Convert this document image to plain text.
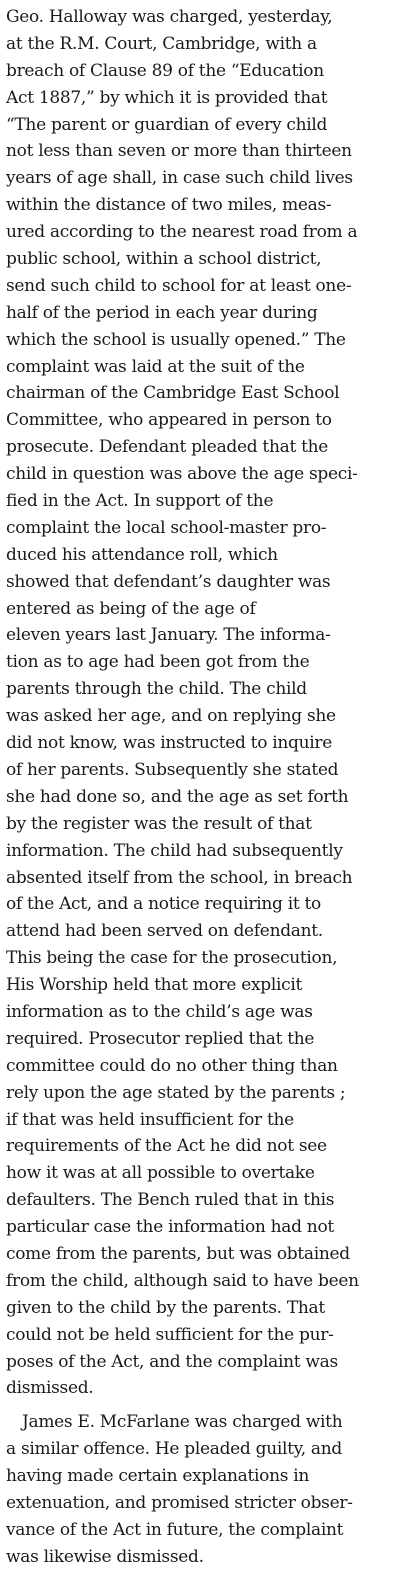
Geo. Halloway was charged, yesterday,
at the R.M. Court, Cambridge, with a
breach of Clause 89 of the “Education
Act 1887,” by which it is provided that
“The parent or guardian of every child
not less than seven or more than thirteen
years of age shall, in case such child lives
within the distance of two miles, meas-
ured according to the nearest road from a
public school, within a school district,
send such child to school for at least one-
half of the period in each year during
which the school is usually opened.” The
complaint was laid at the suit of the
chairman of the Cambridge East School
Committee, who appeared in person to
prosecute. Defendant pleaded that the
child in question was above the age speci-
fied in the Act. In support of the
complaint the local school-master pro-
duced his attendance roll, which
showed that defendant’s daughter was
entered as being of the age of
eleven years last January. The informa-
tion as to age had been got from the
parents through the child. The child
was asked her age, and on replying she
did not know, was instructed to inquire
of her parents. Subsequently she stated
she had done so, and the age as set forth
by the register was the result of that
information. The child had subsequently
absented itself from the school, in breach
of the Act, and a notice requiring it to
attend had been served on defendant.
This being the case for the prosecution,
His Worship held that more explicit
information as to the child’s age was
required. Prosecutor replied that the
committee could do no other thing than
rely upon the age stated by the parents ;
if that was held insufficient for the
requirements of the Act he did not see
how it was at all possible to overtake
defaulters. The Bench ruled that in this
particular case the information had not
come from the parents, but was obtained
from the child, although said to have been
given to the child by the parents. That
could not be held sufficient for the pur-
poses of the Act, and the complaint was
dismissed.
James E. McFarlane was charged with
a similar offence. He pleaded guilty, and
having made certain explanations in
extenuation, and promised stricter obser-
vance of the Act in future, the complaint
was likewise dismissed.
